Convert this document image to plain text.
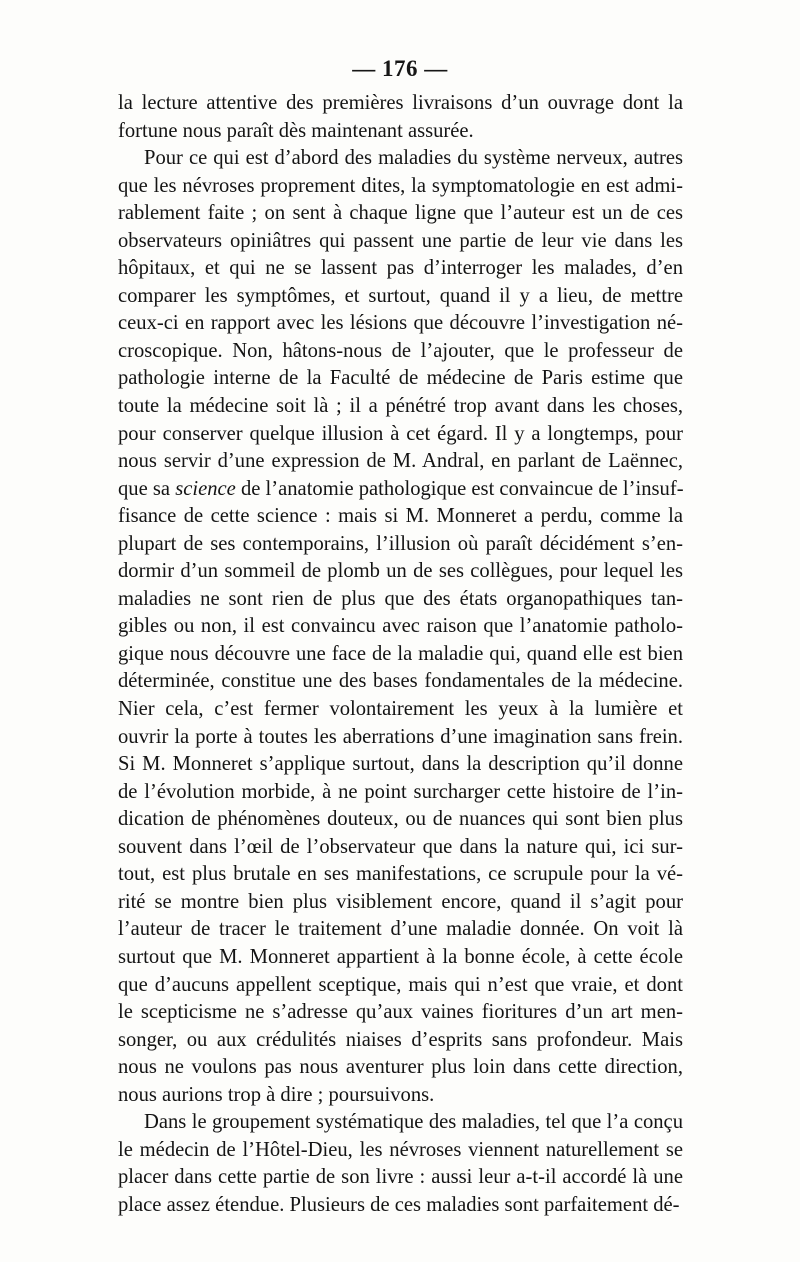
— 176 —
la lecture attentive des premières livraisons d’un ouvrage dont la
fortune nous paraît dès maintenant assurée.
Pour ce qui est d’abord des maladies du système nerveux, autres
que les névroses proprement dites, la symptomatologie en est admi-
rablement faite ; on sent à chaque ligne que l’auteur est un de ces
observateurs opiniâtres qui passent une partie de leur vie dans les
hôpitaux, et qui ne se lassent pas d’interroger les malades, d’en
comparer les symptômes, et surtout, quand il y a lieu, de mettre
ceux-ci en rapport avec les lésions que découvre l’investigation né-
croscopique. Non, hâtons-nous de l’ajouter, que le professeur de
pathologie interne de la Faculté de médecine de Paris estime que
toute la médecine soit là ; il a pénétré trop avant dans les choses,
pour conserver quelque illusion à cet égard. Il y a longtemps, pour
nous servir d’une expression de M. Andral, en parlant de Laënnec,
que sa science de l’anatomie pathologique est convaincue de l’insuf-
fisance de cette science : mais si M. Monneret a perdu, comme la
plupart de ses contemporains, l’illusion où paraît décidément s’en-
dormir d’un sommeil de plomb un de ses collègues, pour lequel les
maladies ne sont rien de plus que des états organopathiques tan-
gibles ou non, il est convaincu avec raison que l’anatomie patholo-
gique nous découvre une face de la maladie qui, quand elle est bien
déterminée, constitue une des bases fondamentales de la médecine.
Nier cela, c’est fermer volontairement les yeux à la lumière et
ouvrir la porte à toutes les aberrations d’une imagination sans frein.
Si M. Monneret s’applique surtout, dans la description qu’il donne
de l’évolution morbide, à ne point surcharger cette histoire de l’in-
dication de phénomènes douteux, ou de nuances qui sont bien plus
souvent dans l’œil de l’observateur que dans la nature qui, ici sur-
tout, est plus brutale en ses manifestations, ce scrupule pour la vé-
rité se montre bien plus visiblement encore, quand il s’agit pour
l’auteur de tracer le traitement d’une maladie donnée. On voit là
surtout que M. Monneret appartient à la bonne école, à cette école
que d’aucuns appellent sceptique, mais qui n’est que vraie, et dont
le scepticisme ne s’adresse qu’aux vaines fioritures d’un art men-
songer, ou aux crédulités niaises d’esprits sans profondeur. Mais
nous ne voulons pas nous aventurer plus loin dans cette direction,
nous aurions trop à dire ; poursuivons.
Dans le groupement systématique des maladies, tel que l’a conçu
le médecin de l’Hôtel-Dieu, les névroses viennent naturellement se
placer dans cette partie de son livre : aussi leur a-t-il accordé là une
place assez étendue. Plusieurs de ces maladies sont parfaitement dé-
